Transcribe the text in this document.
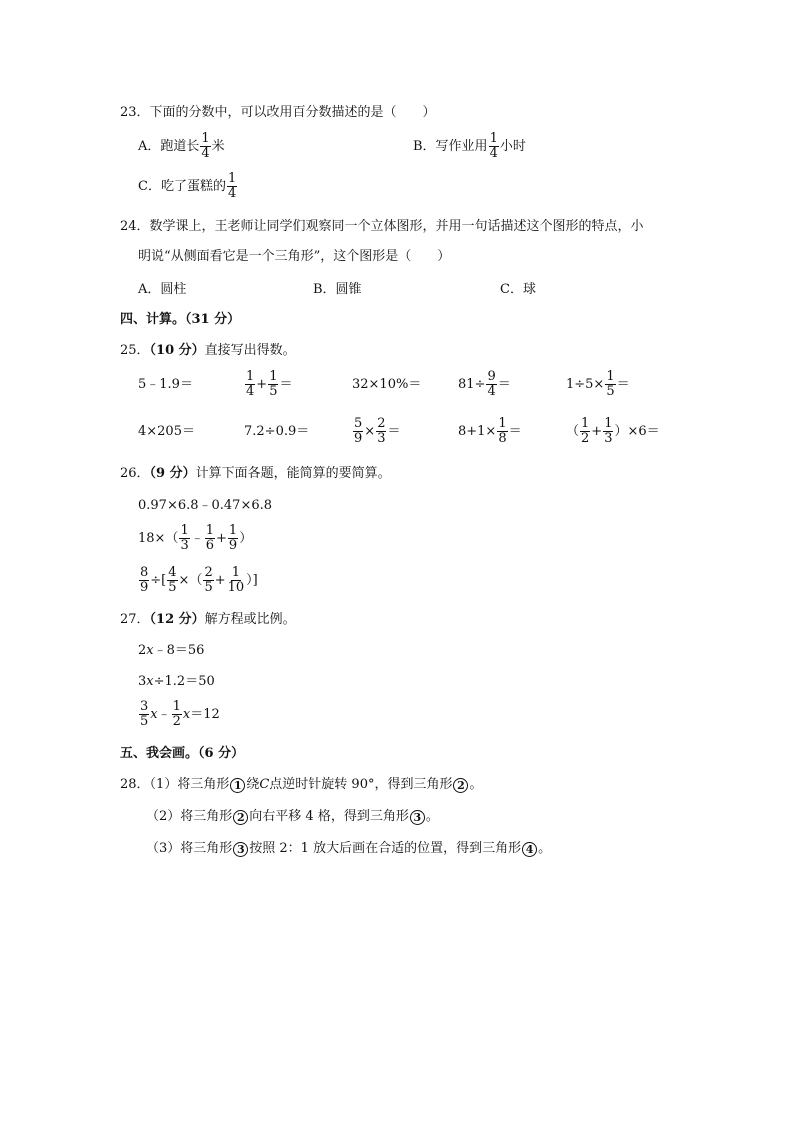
23．下面的分数中，可以改用百分数描述的是（　　）
A．跑道长 $\frac{1}{4}$ 米	B．写作业用 $\frac{1}{4}$ 小时
C．吃了蛋糕的 $\frac{1}{4}$
24．数学课上，王老师让同学们观察同一个立体图形，并用一句话描述这个图形的特点，小
明说“从侧面看它是一个三角形”，这个图形是（　　）
A．圆柱	B．圆锥	C．球
四、计算。（31 分）
25．（10 分）直接写出得数。
5﹣1.9＝	$\frac{1}{4} + \frac{1}{5}$ ＝	32×10%＝	$81\div \frac{9}{4}$ ＝	$1\div 5\times \frac{1}{5}$ ＝
4×205＝	7.2÷0.9＝	$\frac{5}{9} \times \frac{2}{3}$ ＝	$8+1\times \frac{1}{8}$ ＝	（ $\frac{1}{2} + \frac{1}{3} )\times 6=$
26．（9 分）计算下面各题，能简算的要简算。
0.97×6.8﹣0.47×6.8
$18\times( \frac{1}{3}$ ﹣ $\frac{1}{6} + \frac{1}{9}$ ）
$\frac{8}{9}$ ÷[ $\frac{4}{5}$ ×（ $\frac{2}{5} + \frac{1}{10}$ ）]
27．（12 分）解方程或比例。
2x﹣8＝56
3x÷1.2＝50
$\frac{3}{5}$ x ﹣ $\frac{1}{2}$ x ＝12
五、我会画。（6 分）
28．（1）将三角形 1 绕 C 点逆时针旋转 90°，得到三角形 2 。
（2）将三角形 2 向右平移 4 格，得到三角形 3 。
（3）将三角形 3 按照 2：1 放大后画在合适的位置，得到三角形 4 。
